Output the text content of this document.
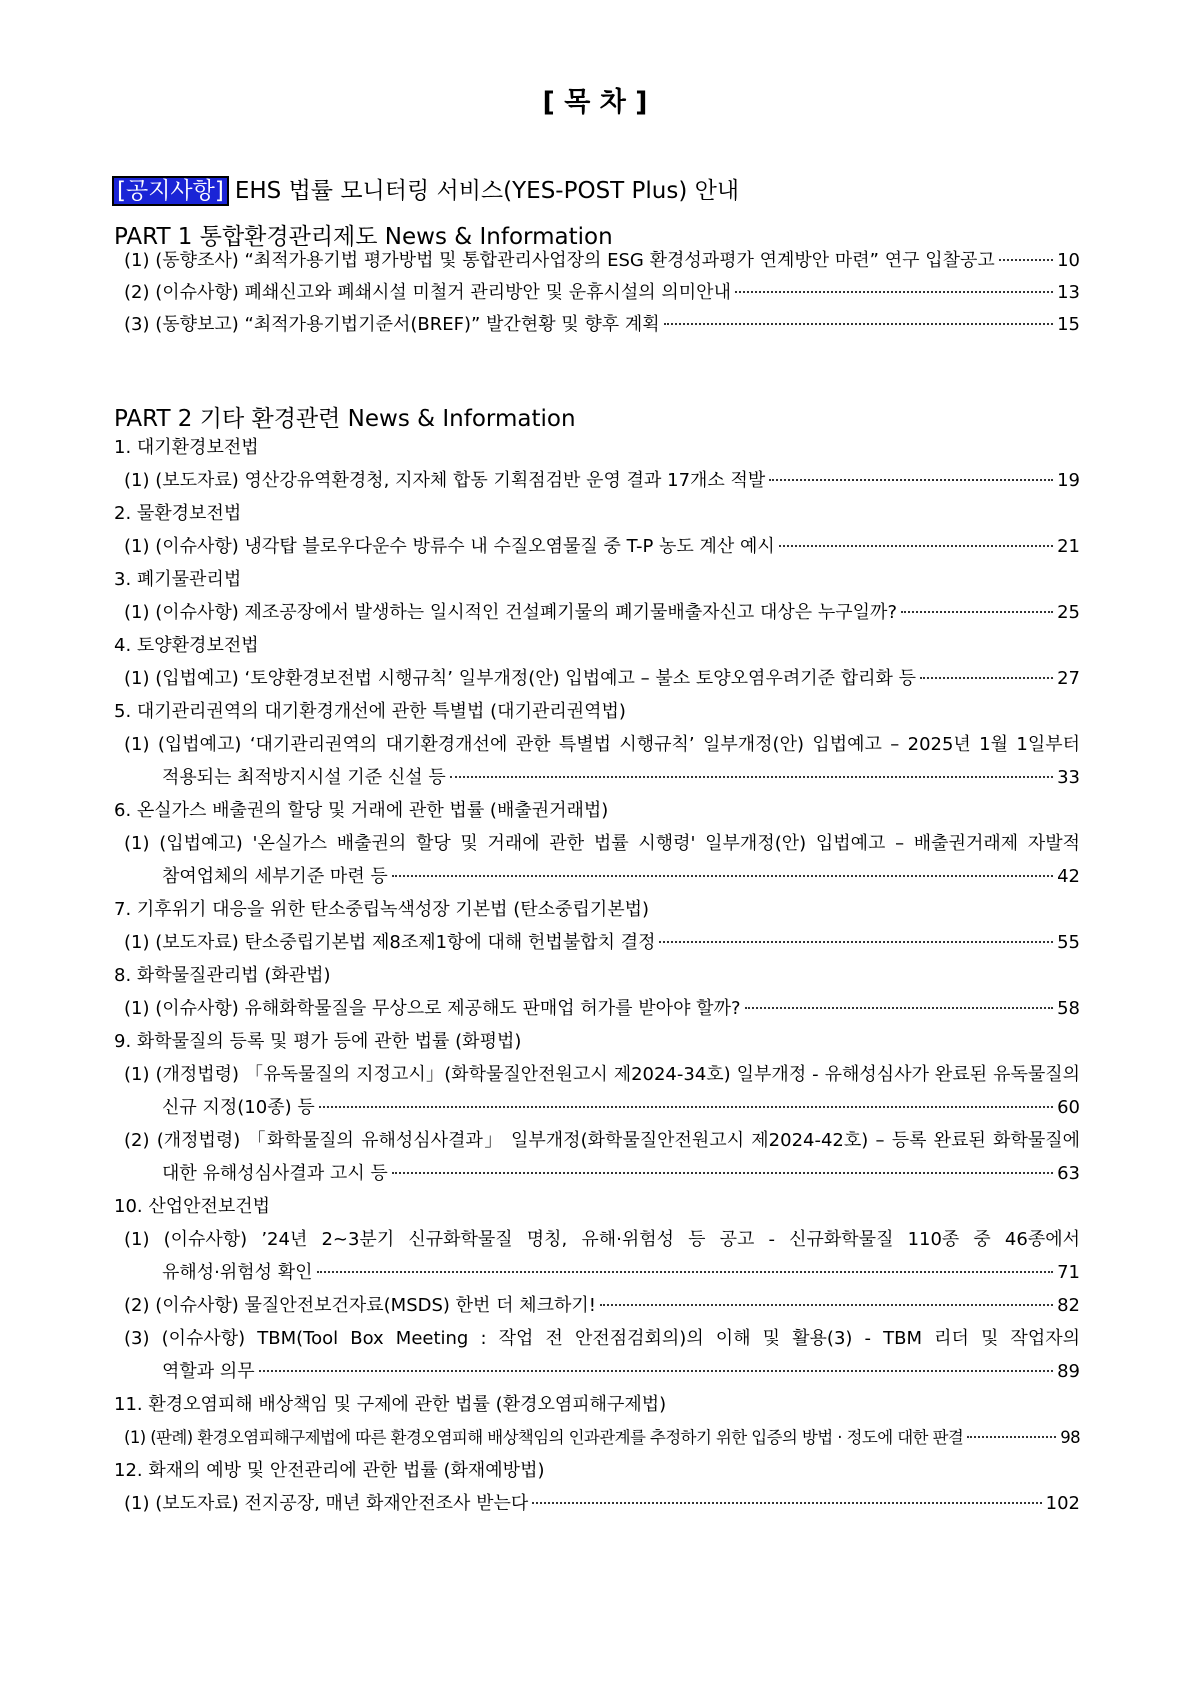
[ 목 차 ]
[공지사항] EHS 법률 모니터링 서비스(YES-POST Plus) 안내
PART 1 통합환경관리제도 News & Information
(1) (동향조사) “최적가용기법 평가방법 및 통합관리사업장의 ESG 환경성과평가 연계방안 마련” 연구 입찰공고	10
(2) (이슈사항) 폐쇄신고와 폐쇄시설 미철거 관리방안 및 운휴시설의 의미안내	13
(3) (동향보고) “최적가용기법기준서(BREF)” 발간현황 및 향후 계획	15
PART 2 기타 환경관련 News & Information
1. 대기환경보전법
(1) (보도자료) 영산강유역환경청, 지자체 합동 기획점검반 운영 결과 17개소 적발	19
2. 물환경보전법
(1) (이슈사항) 냉각탑 블로우다운수 방류수 내 수질오염물질 중 T-P 농도 계산 예시	21
3. 폐기물관리법
(1) (이슈사항) 제조공장에서 발생하는 일시적인 건설폐기물의 폐기물배출자신고 대상은 누구일까?	25
4. 토양환경보전법
(1) (입법예고) ‘토양환경보전법 시행규칙’ 일부개정(안) 입법예고 – 불소 토양오염우려기준 합리화 등	27
5. 대기관리권역의 대기환경개선에 관한 특별법 (대기관리권역법)
(1) (입법예고) ‘대기관리권역의 대기환경개선에 관한 특별법 시행규칙’ 일부개정(안) 입법예고 – 2025년 1월 1일부터
적용되는 최적방지시설 기준 신설 등	33
6. 온실가스 배출권의 할당 및 거래에 관한 법률 (배출권거래법)
(1) (입법예고) '온실가스 배출권의 할당 및 거래에 관한 법률 시행령' 일부개정(안) 입법예고 – 배출권거래제 자발적
참여업체의 세부기준 마련 등	42
7. 기후위기 대응을 위한 탄소중립녹색성장 기본법 (탄소중립기본법)
(1) (보도자료) 탄소중립기본법 제8조제1항에 대해 헌법불합치 결정	55
8. 화학물질관리법 (화관법)
(1) (이슈사항) 유해화학물질을 무상으로 제공해도 판매업 허가를 받아야 할까?	58
9. 화학물질의 등록 및 평가 등에 관한 법률 (화평법)
(1) (개정법령) 「유독물질의 지정고시」(화학물질안전원고시 제2024-34호) 일부개정 - 유해성심사가 완료된 유독물질의
신규 지정(10종) 등	60
(2) (개정법령) 「화학물질의 유해성심사결과」 일부개정(화학물질안전원고시 제2024-42호) – 등록 완료된 화학물질에
대한 유해성심사결과 고시 등	63
10. 산업안전보건법
(1) (이슈사항) ’24년 2~3분기 신규화학물질 명칭, 유해·위험성 등 공고 - 신규화학물질 110종 중 46종에서
유해성·위험성 확인	71
(2) (이슈사항) 물질안전보건자료(MSDS) 한번 더 체크하기!	82
(3) (이슈사항) TBM(Tool Box Meeting : 작업 전 안전점검회의)의 이해 및 활용(3) - TBM 리더 및 작업자의
역할과 의무	89
11. 환경오염피해 배상책임 및 구제에 관한 법률 (환경오염피해구제법)
(1) (판례) 환경오염피해구제법에 따른 환경오염피해 배상책임의 인과관계를 추정하기 위한 입증의 방법 · 정도에 대한 판결	98
12. 화재의 예방 및 안전관리에 관한 법률 (화재예방법)
(1) (보도자료) 전지공장, 매년 화재안전조사 받는다	102
